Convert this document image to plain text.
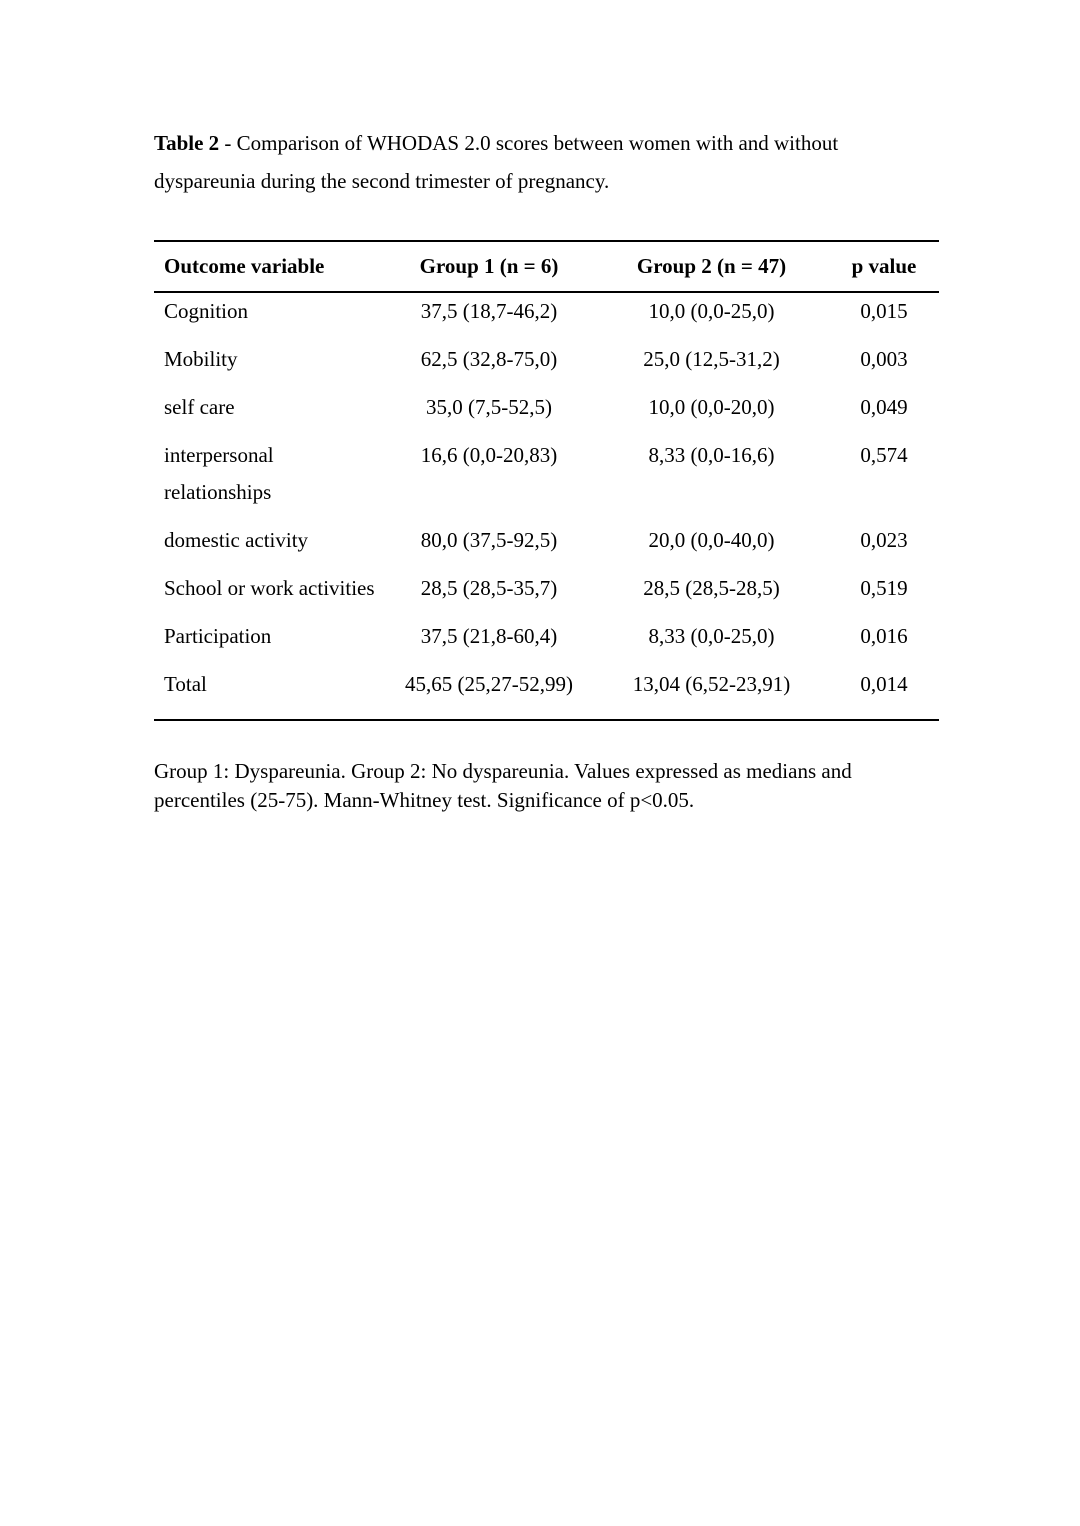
Table 2 - Comparison of WHODAS 2.0 scores between women with and without dyspareunia during the second trimester of pregnancy.
Outcome variable	Group 1 (n = 6)	Group 2 (n = 47)	p value
Cognition	37,5 (18,7-46,2)	10,0 (0,0-25,0)	0,015
Mobility	62,5 (32,8-75,0)	25,0 (12,5-31,2)	0,003
self care	35,0 (7,5-52,5)	10,0 (0,0-20,0)	0,049
interpersonal relationships	16,6 (0,0-20,83)	8,33 (0,0-16,6)	0,574
domestic activity	80,0 (37,5-92,5)	20,0 (0,0-40,0)	0,023
School or work activities	28,5 (28,5-35,7)	28,5 (28,5-28,5)	0,519
Participation	37,5 (21,8-60,4)	8,33 (0,0-25,0)	0,016
Total	45,65 (25,27-52,99)	13,04 (6,52-23,91)	0,014
Group 1: Dyspareunia. Group 2: No dyspareunia. Values expressed as medians and percentiles (25-75). Mann-Whitney test. Significance of p<0.05.
